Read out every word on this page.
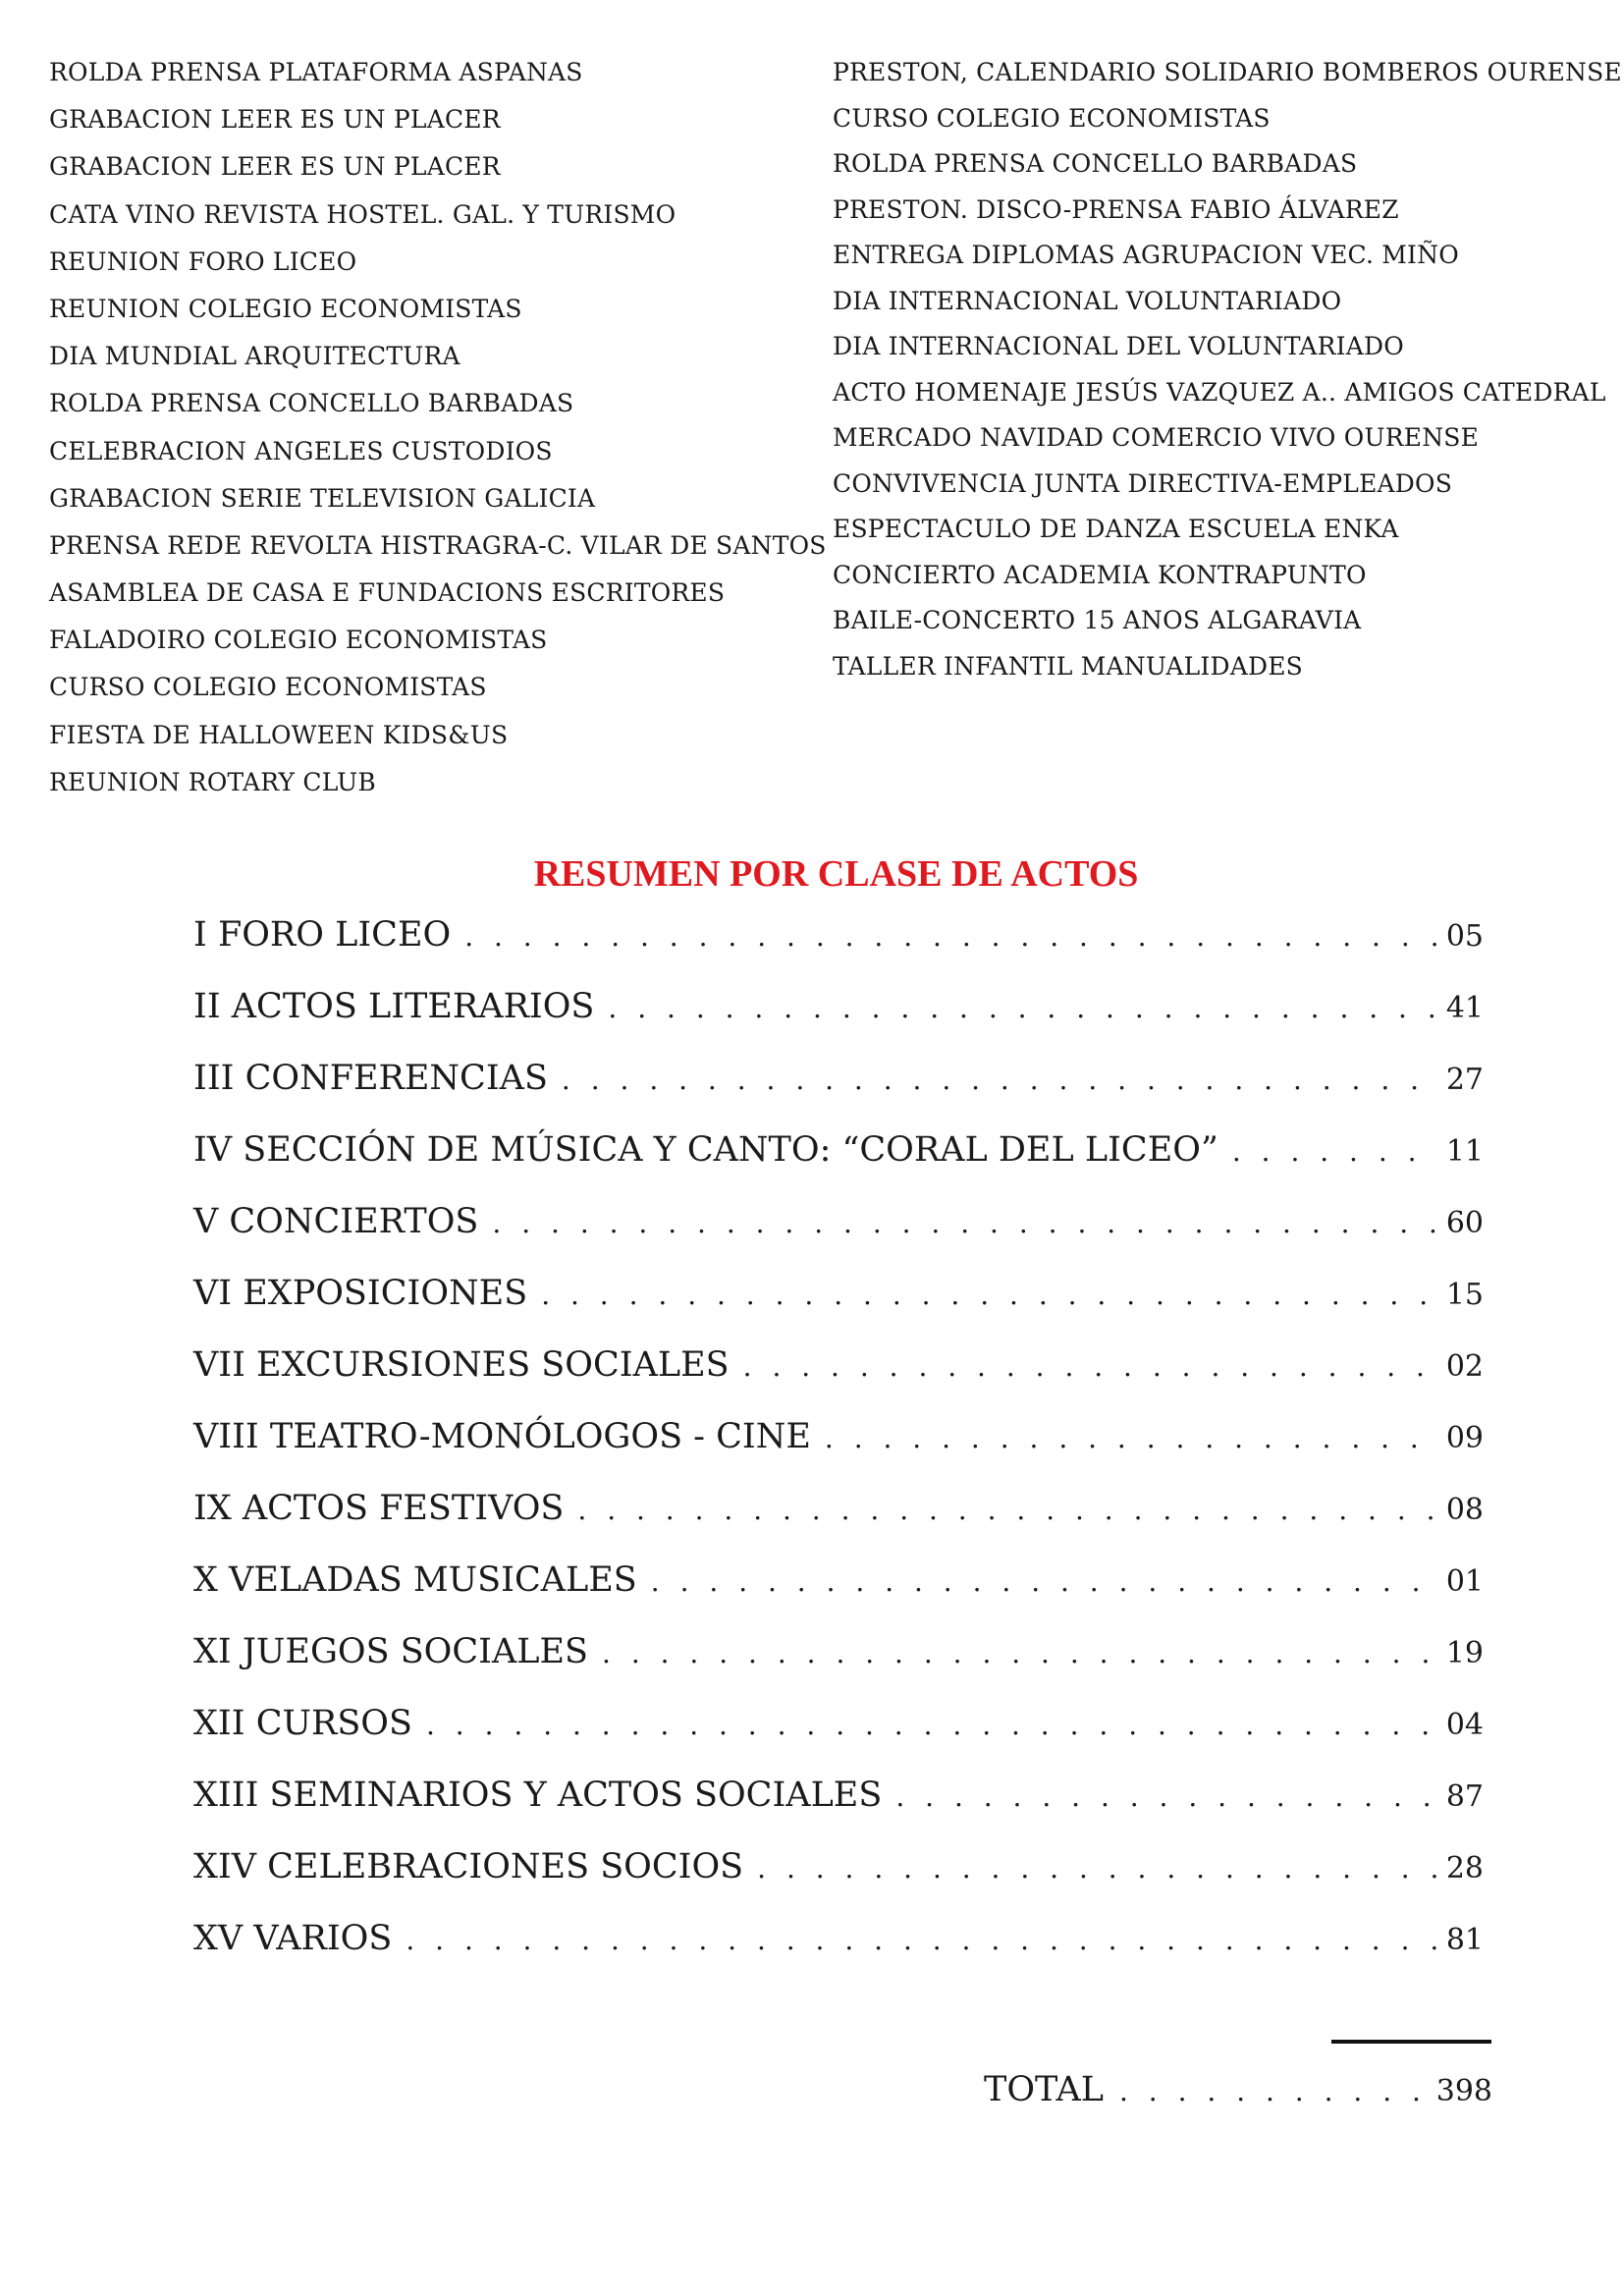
ROLDA PRENSA PLATAFORMA ASPANAS
GRABACION LEER ES UN PLACER
GRABACION LEER ES UN PLACER
CATA VINO REVISTA HOSTEL. GAL. Y TURISMO
REUNION FORO LICEO
REUNION COLEGIO ECONOMISTAS
DIA MUNDIAL ARQUITECTURA
ROLDA PRENSA CONCELLO BARBADAS
CELEBRACION ANGELES CUSTODIOS
GRABACION SERIE TELEVISION GALICIA
PRENSA REDE REVOLTA HISTRAGRA-C. VILAR DE SANTOS
ASAMBLEA DE CASA E FUNDACIONS ESCRITORES
FALADOIRO COLEGIO ECONOMISTAS
CURSO COLEGIO ECONOMISTAS
FIESTA DE HALLOWEEN KIDS&US
REUNION ROTARY CLUB
PRESTON, CALENDARIO SOLIDARIO BOMBEROS OURENSE
CURSO COLEGIO ECONOMISTAS
ROLDA PRENSA CONCELLO BARBADAS
PRESTON. DISCO-PRENSA FABIO ÁLVAREZ
ENTREGA DIPLOMAS AGRUPACION VEC. MIÑO
DIA INTERNACIONAL VOLUNTARIADO
DIA INTERNACIONAL DEL VOLUNTARIADO
ACTO HOMENAJE JESÚS VAZQUEZ A.. AMIGOS CATEDRAL
MERCADO NAVIDAD COMERCIO VIVO OURENSE
CONVIVENCIA JUNTA DIRECTIVA-EMPLEADOS
ESPECTACULO DE DANZA ESCUELA ENKA
CONCIERTO ACADEMIA KONTRAPUNTO
BAILE-CONCERTO 15 ANOS ALGARAVIA
TALLER INFANTIL MANUALIDADES
RESUMEN POR CLASE DE ACTOS
I FORO LICEO . . .	05
II ACTOS LITERARIOS . . .	41
III CONFERENCIAS . . .	27
IV SECCIÓN DE MÚSICA Y CANTO: “CORAL DEL LICEO” . . .	11
V CONCIERTOS . . .	60
VI EXPOSICIONES . . .	15
VII EXCURSIONES SOCIALES . . .	02
VIII TEATRO-MONÓLOGOS - CINE . . .	09
IX ACTOS FESTIVOS . . .	08
X VELADAS MUSICALES . . .	01
XI JUEGOS SOCIALES . . .	19
XII CURSOS . . .	04
XIII SEMINARIOS Y ACTOS SOCIALES . . .	87
XIV CELEBRACIONES SOCIOS . . .	28
XV VARIOS . . .	81
TOTAL . . .	398
